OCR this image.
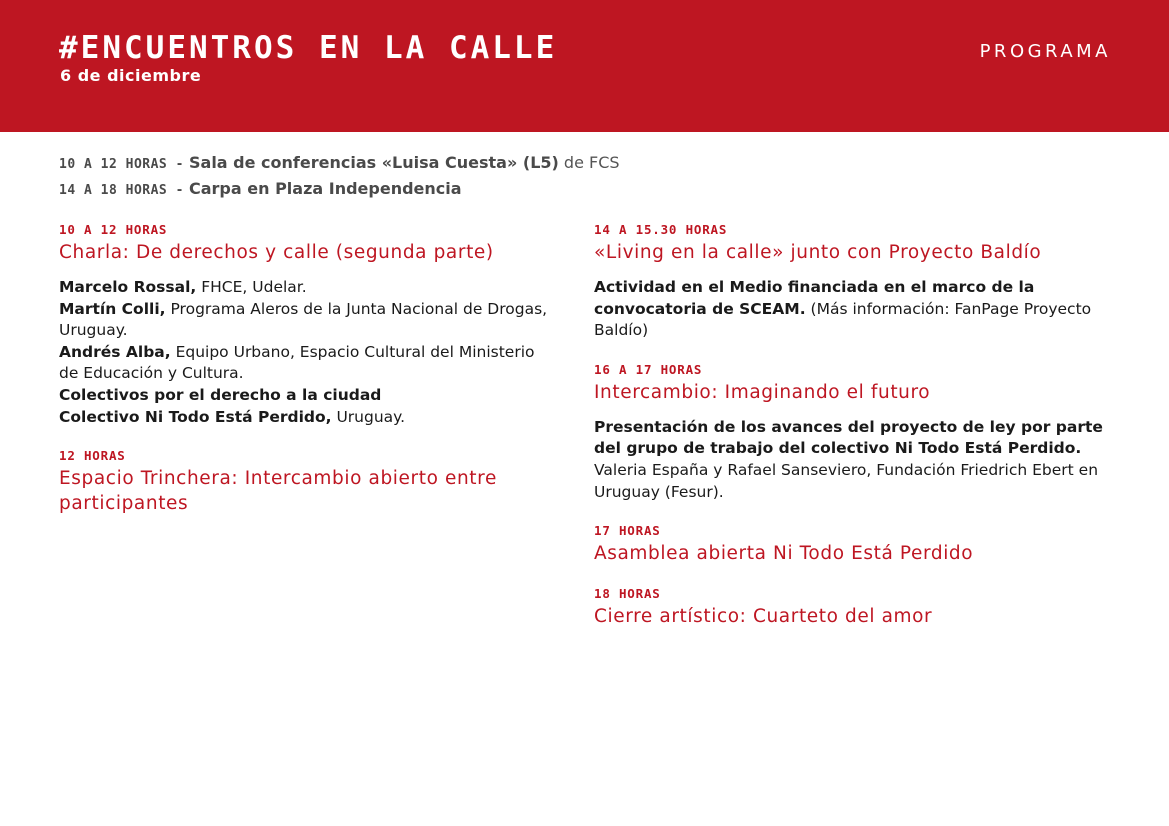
#ENCUENTROS EN LA CALLE
6 de diciembre
PROGRAMA
10 A 12 HORAS - Sala de conferencias «Luisa Cuesta» (L5) de FCS
14 A 18 HORAS - Carpa en Plaza Independencia
10 A 12 HORAS
Charla: De derechos y calle (segunda parte)
Marcelo Rossal, FHCE, Udelar.
Martín Colli, Programa Aleros de la Junta Nacional de Drogas, Uruguay.
Andrés Alba, Equipo Urbano, Espacio Cultural del Ministerio de Educación y Cultura.
Colectivos por el derecho a la ciudad
Colectivo Ni Todo Está Perdido, Uruguay.
12 HORAS
Espacio Trinchera: Intercambio abierto entre participantes
14 A 15.30 HORAS
«Living en la calle» junto con Proyecto Baldío
Actividad en el Medio financiada en el marco de la convocatoria de SCEAM. (Más información: FanPage Proyecto Baldío)
16 A 17 HORAS
Intercambio: Imaginando el futuro
Presentación de los avances del proyecto de ley por parte del grupo de trabajo del colectivo Ni Todo Está Perdido. Valeria España y Rafael Sanseviero, Fundación Friedrich Ebert en Uruguay (Fesur).
17 HORAS
Asamblea abierta Ni Todo Está Perdido
18 HORAS
Cierre artístico: Cuarteto del amor
